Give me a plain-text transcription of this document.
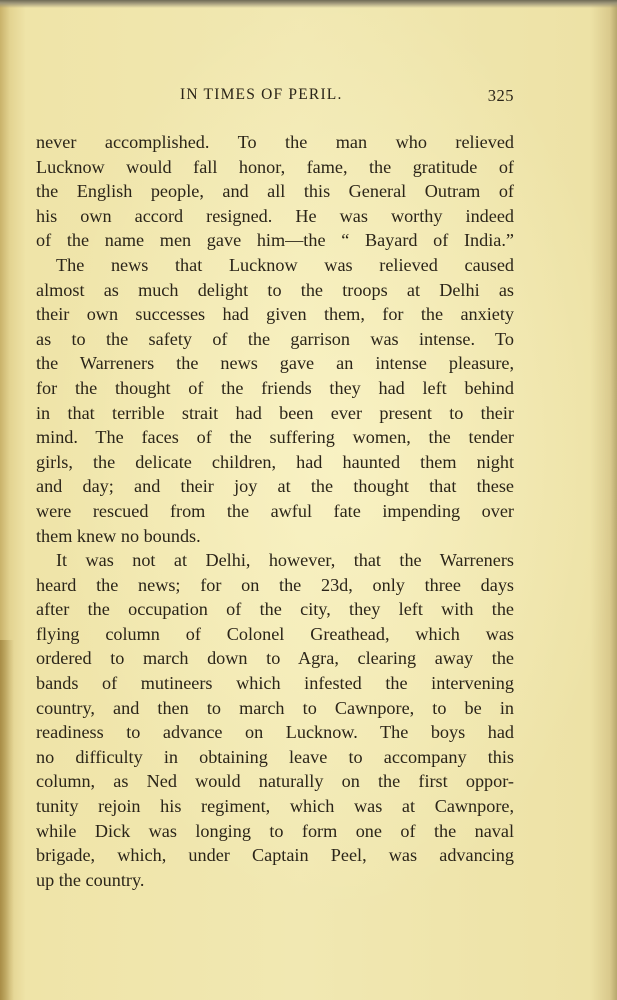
IN TIMES OF PERIL.	325
never accomplished. To the man who relieved
Lucknow would fall honor, fame, the gratitude of
the English people, and all this General Outram of
his own accord resigned. He was worthy indeed
of the name men gave him—the “ Bayard of India.”
The news that Lucknow was relieved caused
almost as much delight to the troops at Delhi as
their own successes had given them, for the anxiety
as to the safety of the garrison was intense. To
the Warreners the news gave an intense pleasure,
for the thought of the friends they had left behind
in that terrible strait had been ever present to their
mind. The faces of the suffering women, the tender
girls, the delicate children, had haunted them night
and day; and their joy at the thought that these
were rescued from the awful fate impending over
them knew no bounds.
It was not at Delhi, however, that the Warreners
heard the news; for on the 23d, only three days
after the occupation of the city, they left with the
flying column of Colonel Greathead, which was
ordered to march down to Agra, clearing away the
bands of mutineers which infested the intervening
country, and then to march to Cawnpore, to be in
readiness to advance on Lucknow. The boys had
no difficulty in obtaining leave to accompany this
column, as Ned would naturally on the first oppor-
tunity rejoin his regiment, which was at Cawnpore,
while Dick was longing to form one of the naval
brigade, which, under Captain Peel, was advancing
up the country.
